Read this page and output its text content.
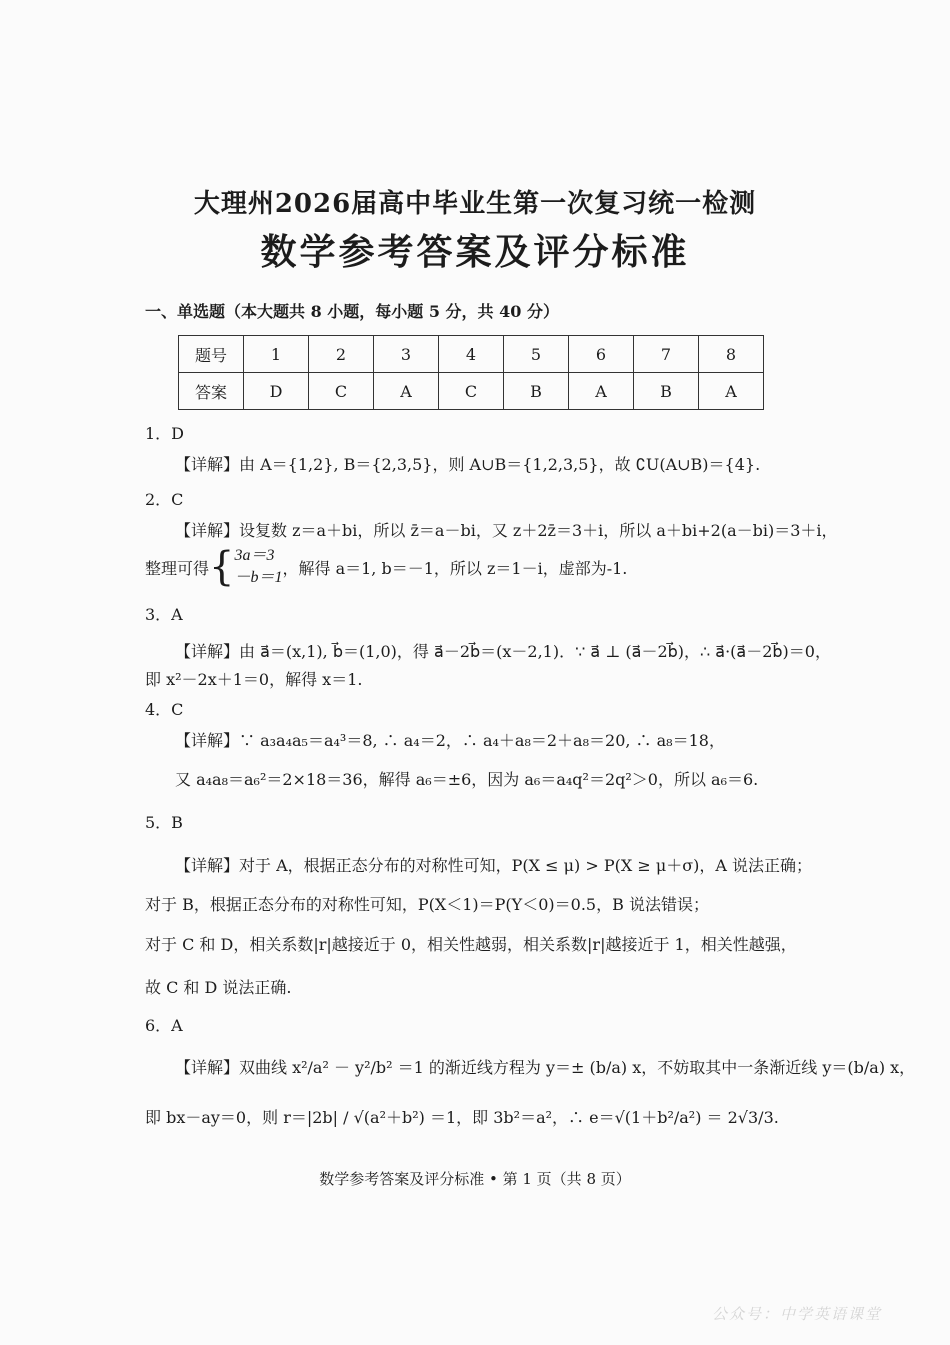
大理州2026届高中毕业生第一次复习统一检测
数学参考答案及评分标准
一、单选题（本大题共 8 小题，每小题 5 分，共 40 分）
题号	1	2	3	4	5	6	7	8
答案	D	C	A	C	B	A	B	A
1．D
【详解】由 A＝{1,2}, B＝{2,3,5}，则 A∪B＝{1,2,3,5}，故 ∁U(A∪B)＝{4}.
2．C
【详解】设复数 z＝a＋bi，所以 z̄＝a－bi，又 z＋2z̄＝3＋i，所以 a＋bi+2(a－bi)＝3＋i，
整理可得 { 3a＝3
－b＝1 ，解得 a＝1, b＝－1，所以 z＝1－i，虚部为-1.
3．A
【详解】由 a⃗＝(x,1), b⃗＝(1,0)，得 a⃗－2b⃗＝(x－2,1)．∵ a⃗ ⊥ (a⃗－2b⃗)，∴ a⃗·(a⃗－2b⃗)＝0，
即 x²－2x＋1＝0，解得 x＝1.
4．C
【详解】∵ a₃a₄a₅＝a₄³＝8, ∴ a₄＝2，∴ a₄＋a₈＝2＋a₈＝20, ∴ a₈＝18，
又 a₄a₈＝a₆²＝2×18＝36，解得 a₆＝±6，因为 a₆＝a₄q²＝2q²＞0，所以 a₆＝6.
5．B
【详解】对于 A，根据正态分布的对称性可知，P(X ≤ μ) > P(X ≥ μ＋σ)，A 说法正确；
对于 B，根据正态分布的对称性可知，P(X＜1)＝P(Y＜0)＝0.5，B 说法错误；
对于 C 和 D，相关系数|r|越接近于 0，相关性越弱，相关系数|r|越接近于 1，相关性越强，
故 C 和 D 说法正确.
6．A
【详解】双曲线 x²/a² － y²/b² ＝1 的渐近线方程为 y＝± (b/a) x，不妨取其中一条渐近线 y＝(b/a) x，
即 bx－ay＝0，则 r＝|2b| / √(a²＋b²) ＝1，即 3b²＝a²，∴ e＝√(1＋b²/a²) ＝ 2√3/3.
数学参考答案及评分标准 • 第 1 页（共 8 页）
公众号：中学英语课堂
